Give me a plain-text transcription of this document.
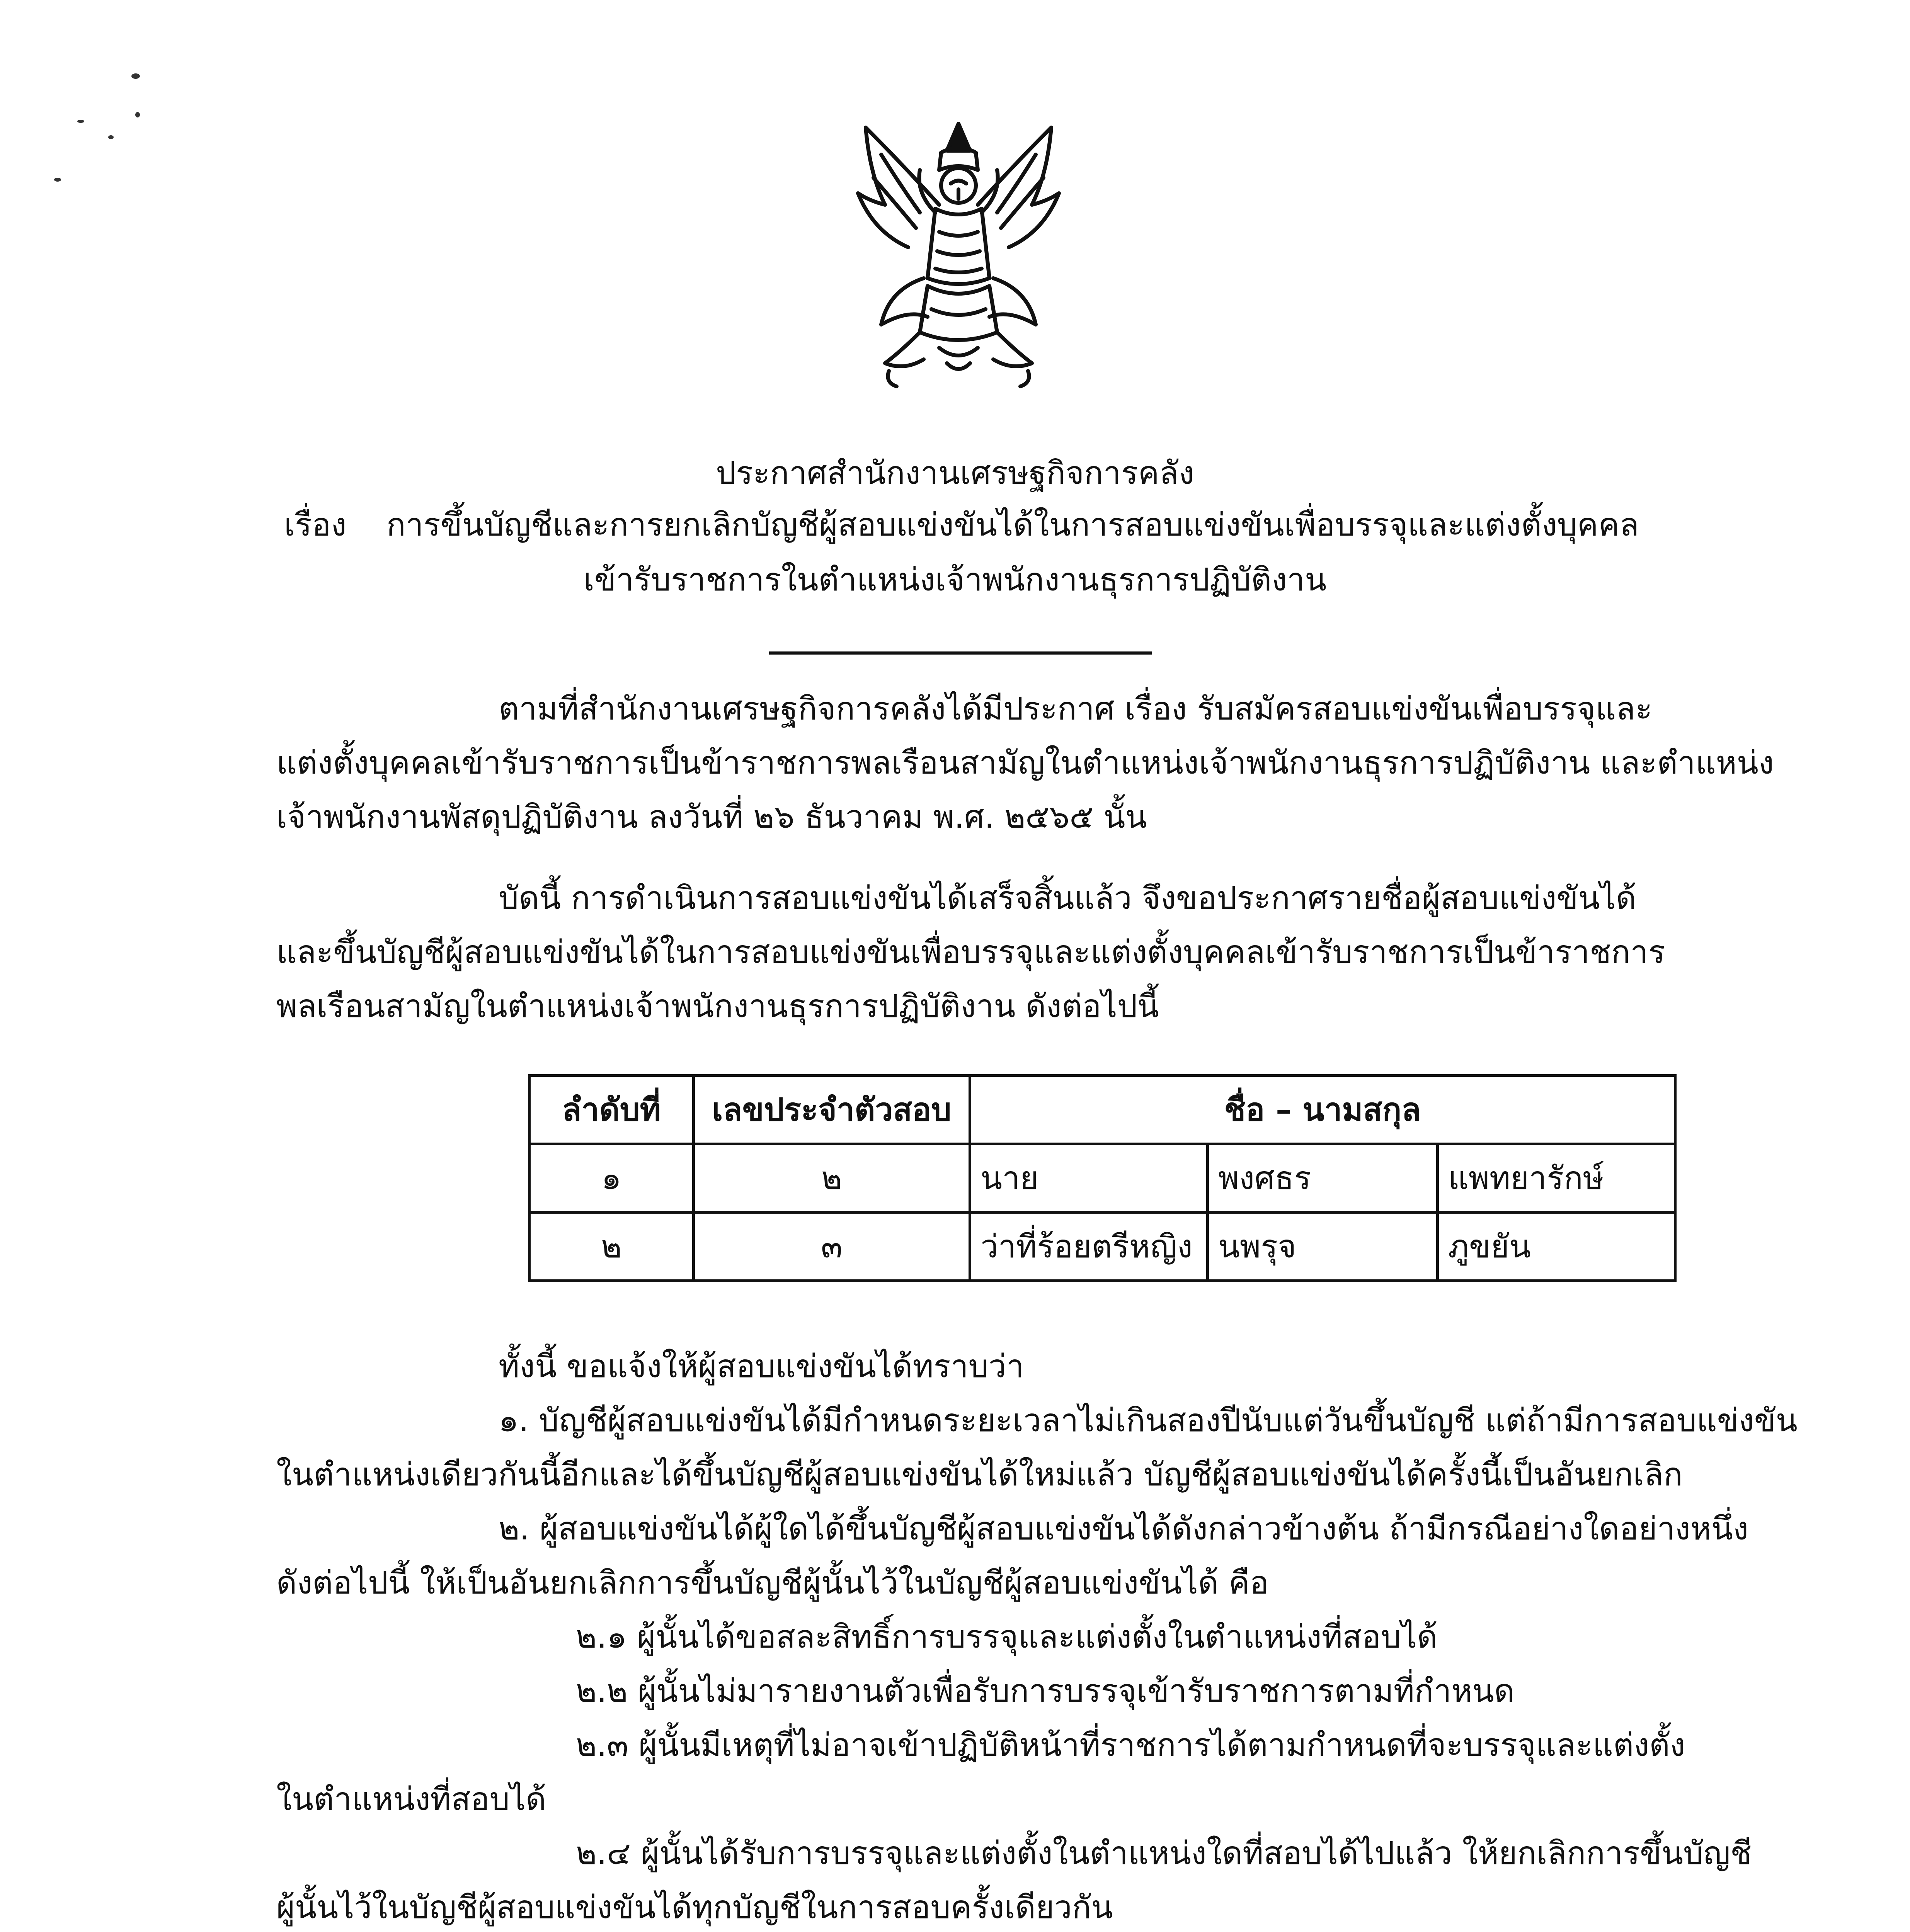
ประกาศสำนักงานเศรษฐกิจการคลัง
เรื่อง การขึ้นบัญชีและการยกเลิกบัญชีผู้สอบแข่งขันได้ในการสอบแข่งขันเพื่อบรรจุและแต่งตั้งบุคคล
เข้ารับราชการในตำแหน่งเจ้าพนักงานธุรการปฏิบัติงาน
ตามที่สำนักงานเศรษฐกิจการคลังได้มีประกาศ เรื่อง รับสมัครสอบแข่งขันเพื่อบรรจุและ
แต่งตั้งบุคคลเข้ารับราชการเป็นข้าราชการพลเรือนสามัญในตำแหน่งเจ้าพนักงานธุรการปฏิบัติงาน และตำแหน่ง
เจ้าพนักงานพัสดุปฏิบัติงาน ลงวันที่ ๒๖ ธันวาคม พ.ศ. ๒๕๖๕ นั้น
บัดนี้ การดำเนินการสอบแข่งขันได้เสร็จสิ้นแล้ว จึงขอประกาศรายชื่อผู้สอบแข่งขันได้
และขึ้นบัญชีผู้สอบแข่งขันได้ในการสอบแข่งขันเพื่อบรรจุและแต่งตั้งบุคคลเข้ารับราชการเป็นข้าราชการ
พลเรือนสามัญในตำแหน่งเจ้าพนักงานธุรการปฏิบัติงาน ดังต่อไปนี้
ลำดับที่	เลขประจำตัวสอบ	ชื่อ – นามสกุล		
๑	๒	นาย	พงศธร	แพทยารักษ์
๒	๓	ว่าที่ร้อยตรีหญิง	นพรุจ	ภูขยัน
ทั้งนี้ ขอแจ้งให้ผู้สอบแข่งขันได้ทราบว่า
๑. บัญชีผู้สอบแข่งขันได้มีกำหนดระยะเวลาไม่เกินสองปีนับแต่วันขึ้นบัญชี แต่ถ้ามีการสอบแข่งขัน
ในตำแหน่งเดียวกันนี้อีกและได้ขึ้นบัญชีผู้สอบแข่งขันได้ใหม่แล้ว บัญชีผู้สอบแข่งขันได้ครั้งนี้เป็นอันยกเลิก
๒. ผู้สอบแข่งขันได้ผู้ใดได้ขึ้นบัญชีผู้สอบแข่งขันได้ดังกล่าวข้างต้น ถ้ามีกรณีอย่างใดอย่างหนึ่ง
ดังต่อไปนี้ ให้เป็นอันยกเลิกการขึ้นบัญชีผู้นั้นไว้ในบัญชีผู้สอบแข่งขันได้ คือ
๒.๑ ผู้นั้นได้ขอสละสิทธิ์การบรรจุและแต่งตั้งในตำแหน่งที่สอบได้
๒.๒ ผู้นั้นไม่มารายงานตัวเพื่อรับการบรรจุเข้ารับราชการตามที่กำหนด
๒.๓ ผู้นั้นมีเหตุที่ไม่อาจเข้าปฏิบัติหน้าที่ราชการได้ตามกำหนดที่จะบรรจุและแต่งตั้ง
ในตำแหน่งที่สอบได้
๒.๔ ผู้นั้นได้รับการบรรจุและแต่งตั้งในตำแหน่งใดที่สอบได้ไปแล้ว ให้ยกเลิกการขึ้นบัญชี
ผู้นั้นไว้ในบัญชีผู้สอบแข่งขันได้ทุกบัญชีในการสอบครั้งเดียวกัน
